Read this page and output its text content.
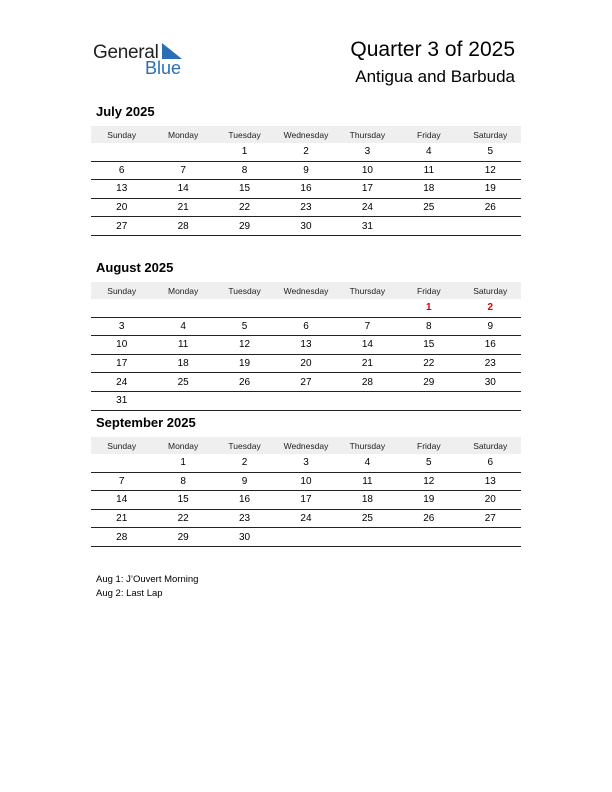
General
Blue
Quarter 3 of 2025
Antigua and Barbuda
July 2025
Sunday	Monday	Tuesday	Wednesday	Thursday	Friday	Saturday
		1	2	3	4	5
6	7	8	9	10	11	12
13	14	15	16	17	18	19
20	21	22	23	24	25	26
27	28	29	30	31		
August 2025
Sunday	Monday	Tuesday	Wednesday	Thursday	Friday	Saturday
					1	2
3	4	5	6	7	8	9
10	11	12	13	14	15	16
17	18	19	20	21	22	23
24	25	26	27	28	29	30
31						
September 2025
Sunday	Monday	Tuesday	Wednesday	Thursday	Friday	Saturday
	1	2	3	4	5	6
7	8	9	10	11	12	13
14	15	16	17	18	19	20
21	22	23	24	25	26	27
28	29	30				
Aug 1: J’Ouvert Morning
Aug 2: Last Lap
